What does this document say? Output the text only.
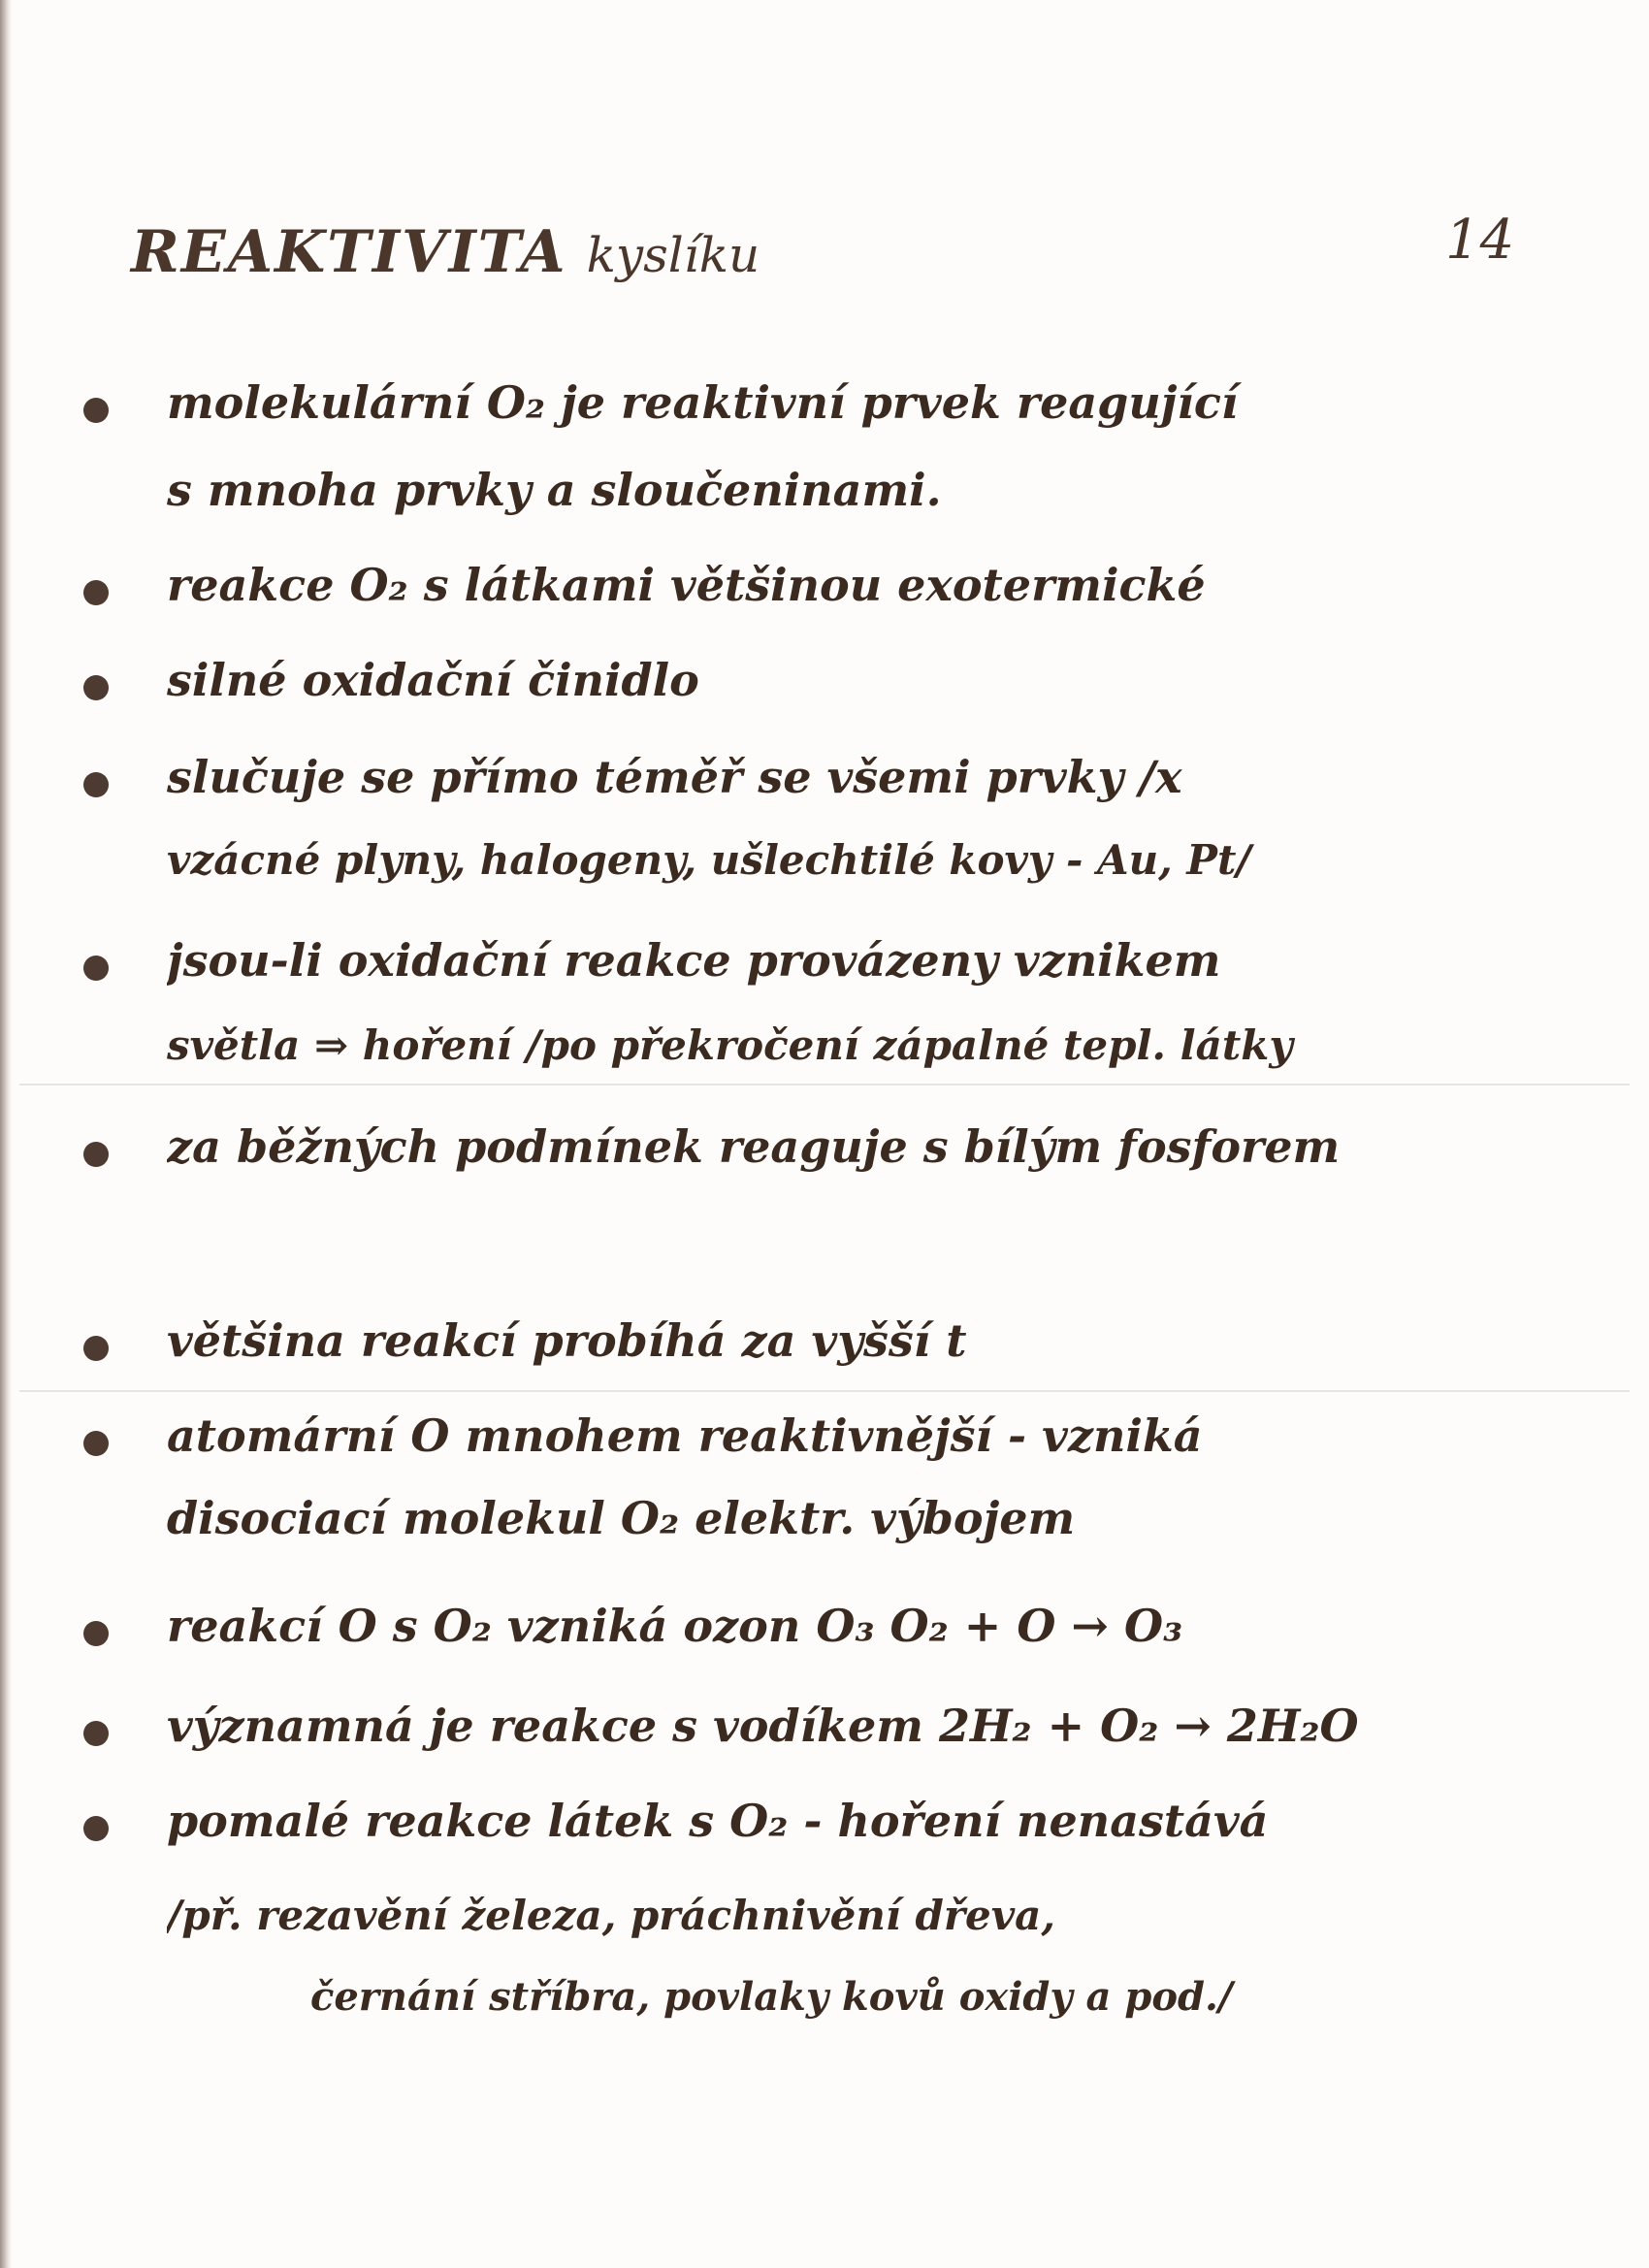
REAKTIVITA kyslíku	14
molekulární O₂ je reaktivní prvek reagující
s mnoha prvky a sloučeninami.
reakce O₂ s látkami většinou exotermické
silné oxidační činidlo
slučuje se přímo téměř se všemi prvky /x
vzácné plyny, halogeny, ušlechtilé kovy - Au, Pt/
jsou-li oxidační reakce provázeny vznikem
světla ⇒ hoření /po překročení zápalné tepl. látky
za běžných podmínek reaguje s bílým fosforem
většina reakcí probíhá za vyšší t
atomární O mnohem reaktivnější - vzniká
disociací molekul O₂ elektr. výbojem
reakcí O s O₂ vzniká ozon O₃ O₂ + O → O₃
významná je reakce s vodíkem 2H₂ + O₂ → 2H₂O
pomalé reakce látek s O₂ - hoření nenastává
/př. rezavění železa, práchnivění dřeva,
černání stříbra, povlaky kovů oxidy a pod./
